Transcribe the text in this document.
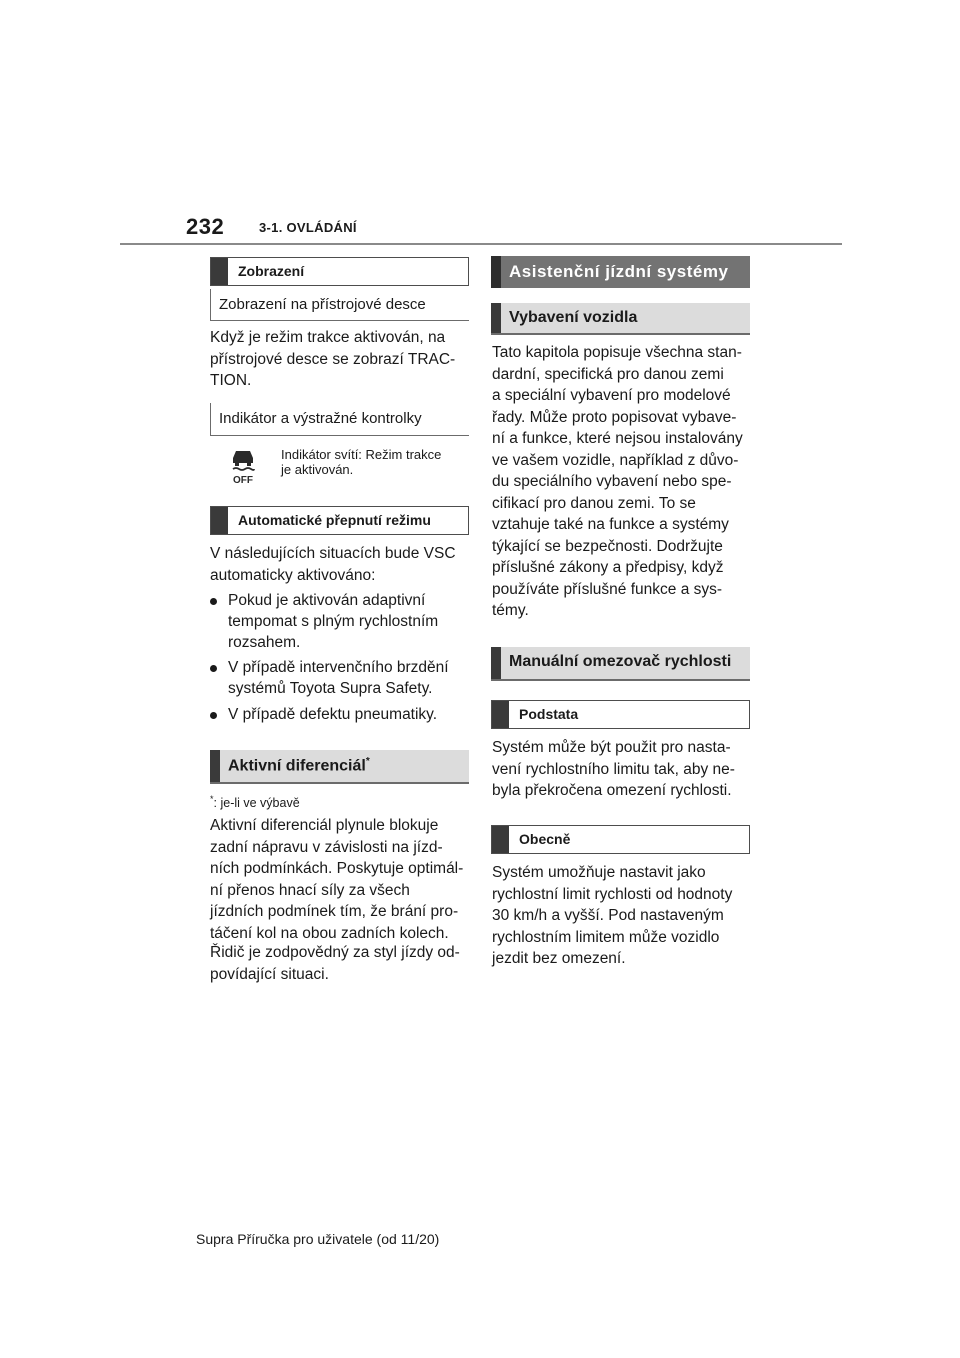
232	3-1. OVLÁDÁNÍ
Zobrazení
Zobrazení na přístrojové desce
Když je režim trakce aktivován, na
přístrojové desce se zobrazí TRAC-
TION.
Indikátor a výstražné kontrolky
OFF
Indikátor svítí: Režim trakce
je aktivován.
Automatické přepnutí režimu
V následujících situacích bude VSC
automaticky aktivováno:
Pokud je aktivován adaptivní
tempomat s plným rychlostním
rozsahem.
V případě intervenčního brzdění
systémů Toyota Supra Safety.
V případě defektu pneumatiky.
Aktivní diferenciál*
*: je-li ve výbavě
Aktivní diferenciál plynule blokuje
zadní nápravu v závislosti na jízd-
ních podmínkách. Poskytuje optimál-
ní přenos hnací síly za všech
jízdních podmínek tím, že brání pro-
táčení kol na obou zadních kolech.
Řidič je zodpovědný za styl jízdy od-
povídající situaci.
Asistenční jízdní systémy
Vybavení vozidla
Tato kapitola popisuje všechna stan-
dardní, specifická pro danou zemi
a speciální vybavení pro modelové
řady. Může proto popisovat vybave-
ní a funkce, které nejsou instalovány
ve vašem vozidle, například z důvo-
du speciálního vybavení nebo spe-
cifikací pro danou zemi. To se
vztahuje také na funkce a systémy
týkající se bezpečnosti. Dodržujte
příslušné zákony a předpisy, když
používáte příslušné funkce a sys-
témy.
Manuální omezovač rychlosti
Podstata
Systém může být použit pro nasta-
vení rychlostního limitu tak, aby ne-
byla překročena omezení rychlosti.
Obecně
Systém umožňuje nastavit jako
rychlostní limit rychlosti od hodnoty
30 km/h a vyšší. Pod nastaveným
rychlostním limitem může vozidlo
jezdit bez omezení.
Supra Příručka pro uživatele (od 11/20)
